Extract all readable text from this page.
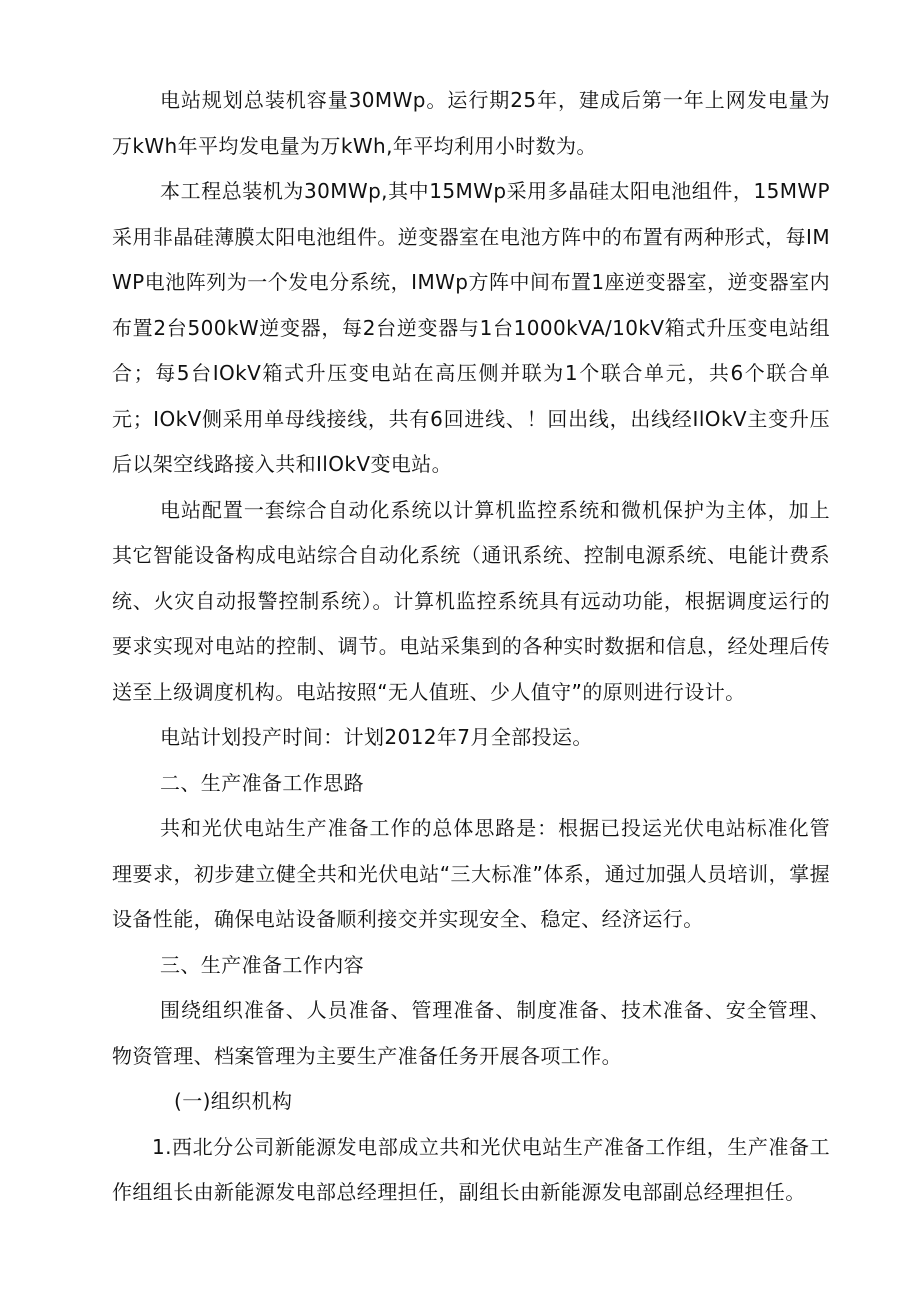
电站规划总装机容量30MWp。运行期25年，建成后第一年上网发电量为万kWh年平均发电量为万kWh,年平均利用小时数为。

本工程总装机为30MWp,其中15MWp采用多晶硅太阳电池组件，15MWP采用非晶硅薄膜太阳电池组件。逆变器室在电池方阵中的布置有两种形式，每IMWP电池阵列为一个发电分系统，IMWp方阵中间布置1座逆变器室，逆变器室内布置2台500kW逆变器，每2台逆变器与1台1000kVA/10kV箱式升压变电站组合；每5台IOkV箱式升压变电站在高压侧并联为1个联合单元，共6个联合单元；IOkV侧采用单母线接线，共有6回进线、！回出线，出线经IlOkV主变升压后以架空线路接入共和IlOkV变电站。

电站配置一套综合自动化系统以计算机监控系统和微机保护为主体，加上其它智能设备构成电站综合自动化系统（通讯系统、控制电源系统、电能计费系统、火灾自动报警控制系统）。计算机监控系统具有远动功能，根据调度运行的要求实现对电站的控制、调节。电站采集到的各种实时数据和信息，经处理后传送至上级调度机构。电站按照“无人值班、少人值守”的原则进行设计。

电站计划投产时间：计划2012年7月全部投运。

二、生产准备工作思路

共和光伏电站生产准备工作的总体思路是：根据已投运光伏电站标准化管理要求，初步建立健全共和光伏电站“三大标准”体系，通过加强人员培训，掌握设备性能，确保电站设备顺利接交并实现安全、稳定、经济运行。

三、生产准备工作内容

围绕组织准备、人员准备、管理准备、制度准备、技术准备、安全管理、物资管理、档案管理为主要生产准备任务开展各项工作。

(一)组织机构

1.西北分公司新能源发电部成立共和光伏电站生产准备工作组，生产准备工作组组长由新能源发电部总经理担任，副组长由新能源发电部副总经理担任。
